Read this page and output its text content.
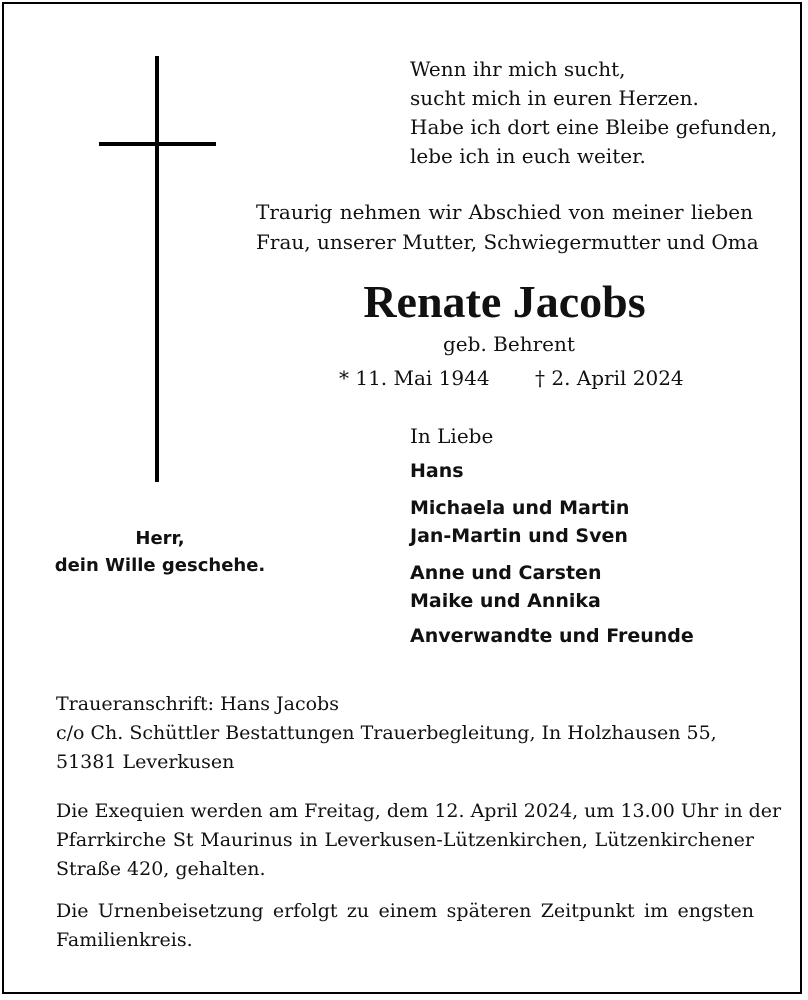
Wenn ihr mich sucht,
sucht mich in euren Herzen.
Habe ich dort eine Bleibe gefunden,
lebe ich in euch weiter.
Traurig nehmen wir Abschied von meiner lieben
Frau, unserer Mutter, Schwiegermutter und Oma
Renate Jacobs
geb. Behrent
* 11. Mai 1944 † 2. April 2024
In Liebe
Hans
Michaela und Martin
Jan-Martin und Sven
Anne und Carsten
Maike und Annika
Anverwandte und Freunde
Herr,
dein Wille geschehe.
Traueranschrift: Hans Jacobs
c/o Ch. Schüttler Bestattungen Trauerbegleitung, In Holzhausen 55,
51381 Leverkusen
Die Exequien werden am Freitag, dem 12. April 2024, um 13.00 Uhr in der
Pfarrkirche St Maurinus in Leverkusen-Lützenkirchen, Lützenkirchener
Straße 420, gehalten.
Die Urnenbeisetzung erfolgt zu einem späteren Zeitpunkt im engsten
Familienkreis.
